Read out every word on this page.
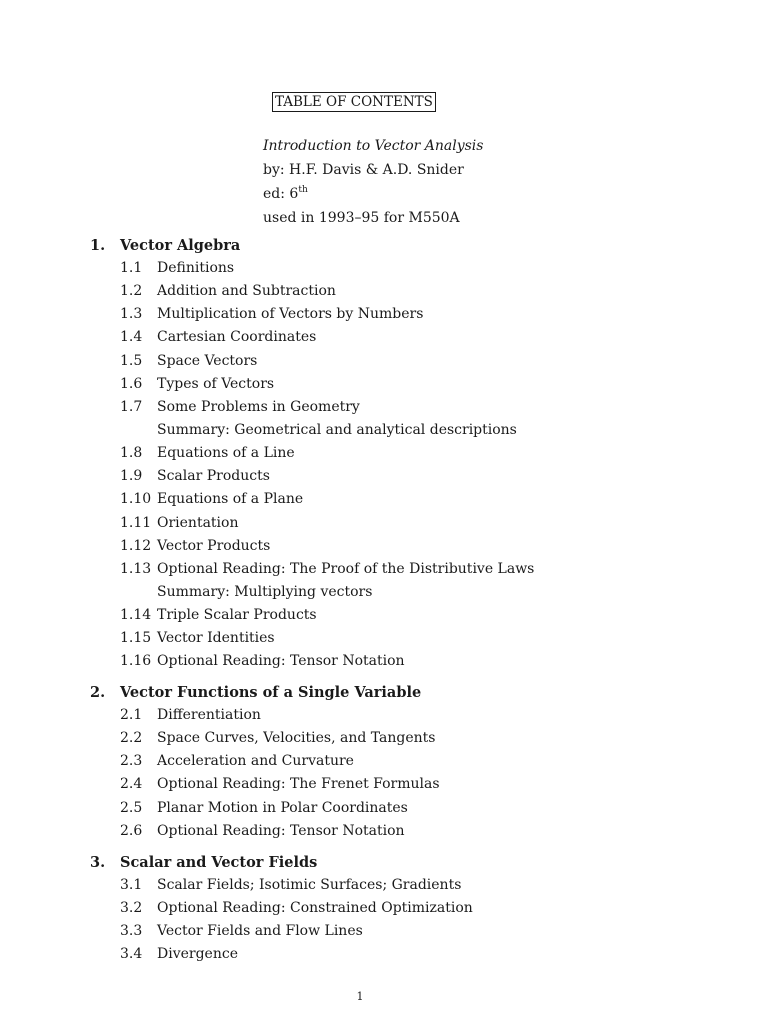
TABLE OF CONTENTS
Introduction to Vector Analysis
by: H.F. Davis & A.D. Snider
ed: 6th
used in 1993–95 for M550A
1. Vector Algebra
1.1 Definitions
1.2 Addition and Subtraction
1.3 Multiplication of Vectors by Numbers
1.4 Cartesian Coordinates
1.5 Space Vectors
1.6 Types of Vectors
1.7 Some Problems in Geometry
Summary: Geometrical and analytical descriptions
1.8 Equations of a Line
1.9 Scalar Products
1.10 Equations of a Plane
1.11 Orientation
1.12 Vector Products
1.13 Optional Reading: The Proof of the Distributive Laws
Summary: Multiplying vectors
1.14 Triple Scalar Products
1.15 Vector Identities
1.16 Optional Reading: Tensor Notation
2. Vector Functions of a Single Variable
2.1 Differentiation
2.2 Space Curves, Velocities, and Tangents
2.3 Acceleration and Curvature
2.4 Optional Reading: The Frenet Formulas
2.5 Planar Motion in Polar Coordinates
2.6 Optional Reading: Tensor Notation
3. Scalar and Vector Fields
3.1 Scalar Fields; Isotimic Surfaces; Gradients
3.2 Optional Reading: Constrained Optimization
3.3 Vector Fields and Flow Lines
3.4 Divergence
1
